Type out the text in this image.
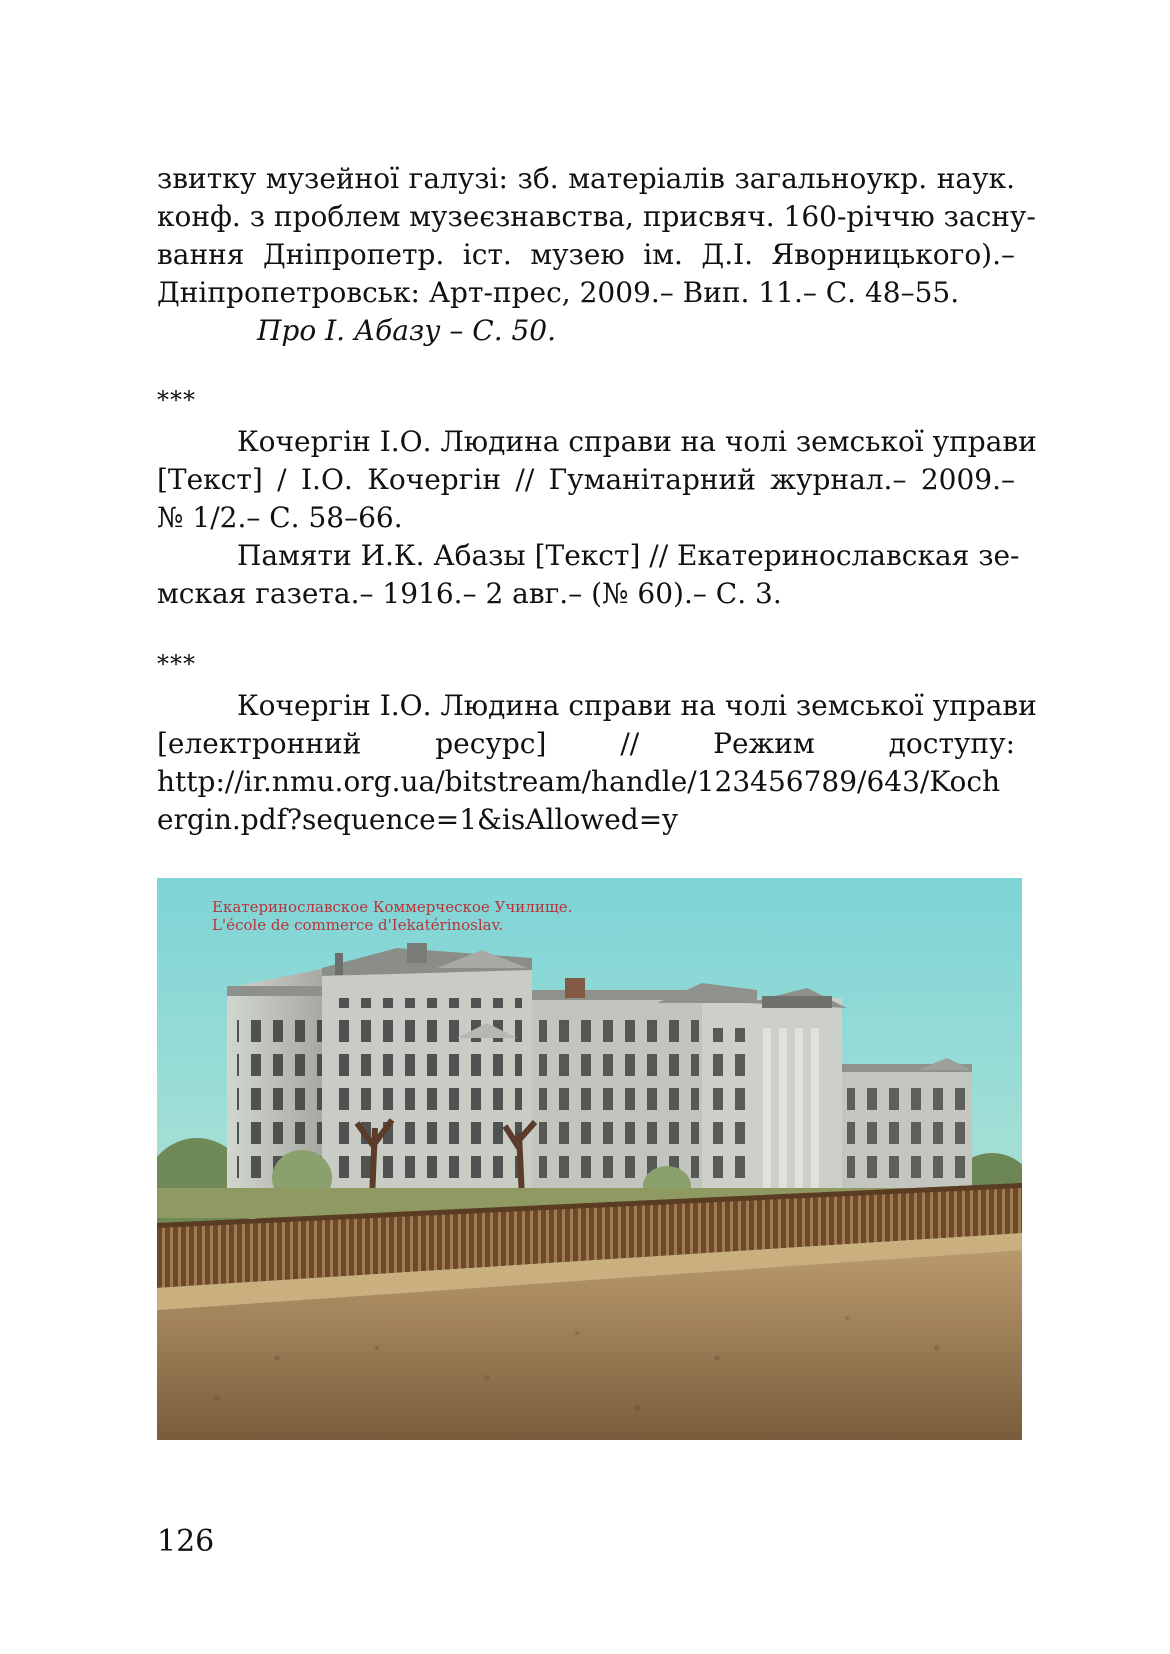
звитку музейної галузі: зб. матеріалів загальноукр. наук.
конф. з проблем музеєзнавства, присвяч. 160-річчю засну-
вання Дніпропетр. іст. музею ім. Д.І. Яворницького).–
Дніпропетровськ: Арт-прес, 2009.– Вип. 11.– С. 48–55.
Про І. Абазу – С. 50.
***
Кочергін І.О. Людина справи на чолі земської управи
[Текст] / І.О. Кочергін // Гуманітарний журнал.– 2009.–
№ 1/2.– С. 58–66.
Памяти И.К. Абазы [Текст] // Екатеринославская зе-
мская газета.– 1916.– 2 авг.– (№ 60).– С. 3.
***
Кочергін І.О. Людина справи на чолі земської управи
[електронний ресурс] // Режим доступу:
http://ir.nmu.org.ua/bitstream/handle/123456789/643/Koch
ergin.pdf?sequence=1&isAllowed=y
Екатеринославское Коммерческое Училище.
L'école de commerce d'Iekatérinoslav.
126
